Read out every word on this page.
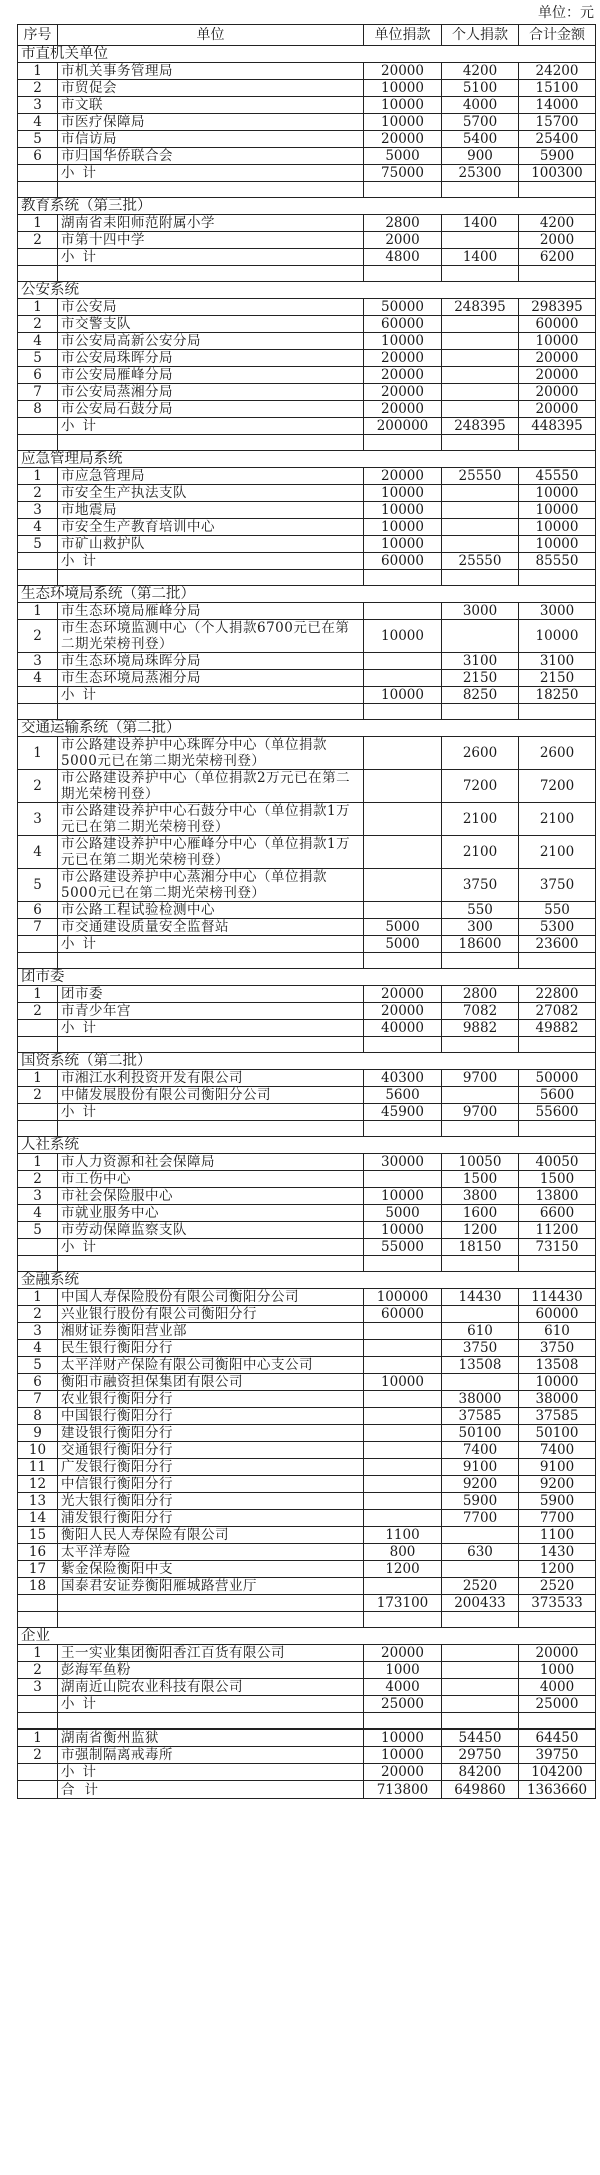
单位：元
序号	单位	单位捐款	个人捐款	合计金额
市直机关单位				
1	市机关事务管理局	20000	4200	24200
2	市贸促会	10000	5100	15100
3	市文联	10000	4000	14000
4	市医疗保障局	10000	5700	15700
5	市信访局	20000	5400	25400
6	市归国华侨联合会	5000	900	5900
	小计	75000	25300	100300

教育系统（第三批）				
1	湖南省耒阳师范附属小学	2800	1400	4200
2	市第十四中学	2000		2000
	小计	4800	1400	6200

公安系统				
1	市公安局	50000	248395	298395
2	市交警支队	60000		60000
4	市公安局高新公安分局	10000		10000
5	市公安局珠晖分局	20000		20000
6	市公安局雁峰分局	20000		20000
7	市公安局蒸湘分局	20000		20000
8	市公安局石鼓分局	20000		20000
	小计	200000	248395	448395

应急管理局系统				
1	市应急管理局	20000	25550	45550
2	市安全生产执法支队	10000		10000
3	市地震局	10000		10000
4	市安全生产教育培训中心	10000		10000
5	市矿山救护队	10000		10000
	小计	60000	25550	85550

生态环境局系统（第二批）				
1	市生态环境局雁峰分局		3000	3000
2	市生态环境监测中心（个人捐款6700元已在第二期光荣榜刊登）	10000		10000
3	市生态环境局珠晖分局		3100	3100
4	市生态环境局蒸湘分局		2150	2150
	小计	10000	8250	18250

交通运输系统（第二批）				
1	市公路建设养护中心珠晖分中心（单位捐款5000元已在第二期光荣榜刊登）		2600	2600
2	市公路建设养护中心（单位捐款2万元已在第二期光荣榜刊登）		7200	7200
3	市公路建设养护中心石鼓分中心（单位捐款1万元已在第二期光荣榜刊登）		2100	2100
4	市公路建设养护中心雁峰分中心（单位捐款1万元已在第二期光荣榜刊登）		2100	2100
5	市公路建设养护中心蒸湘分中心（单位捐款5000元已在第二期光荣榜刊登）		3750	3750
6	市公路工程试验检测中心		550	550
7	市交通建设质量安全监督站	5000	300	5300
	小计	5000	18600	23600

团市委				
1	团市委	20000	2800	22800
2	市青少年宫	20000	7082	27082
	小计	40000	9882	49882

国资系统（第二批）				
1	市湘江水利投资开发有限公司	40300	9700	50000
2	中储发展股份有限公司衡阳分公司	5600		5600
	小计	45900	9700	55600

人社系统				
1	市人力资源和社会保障局	30000	10050	40050
2	市工伤中心		1500	1500
3	市社会保险服中心	10000	3800	13800
4	市就业服务中心	5000	1600	6600
5	市劳动保障监察支队	10000	1200	11200
	小计	55000	18150	73150

金融系统				
1	中国人寿保险股份有限公司衡阳分公司	100000	14430	114430
2	兴业银行股份有限公司衡阳分行	60000		60000
3	湘财证券衡阳营业部		610	610
4	民生银行衡阳分行		3750	3750
5	太平洋财产保险有限公司衡阳中心支公司		13508	13508
6	衡阳市融资担保集团有限公司	10000		10000
7	农业银行衡阳分行		38000	38000
8	中国银行衡阳分行		37585	37585
9	建设银行衡阳分行		50100	50100
10	交通银行衡阳分行		7400	7400
11	广发银行衡阳分行		9100	9100
12	中信银行衡阳分行		9200	9200
13	光大银行衡阳分行		5900	5900
14	浦发银行衡阳分行		7700	7700
15	衡阳人民人寿保险有限公司	1100		1100
16	太平洋寿险	800	630	1430
17	紫金保险衡阳中支	1200		1200
18	国泰君安证券衡阳雁城路营业厅		2520	2520
		173100	200433	373533

企业				
1	王一实业集团衡阳香江百货有限公司	20000		20000
2	彭海军鱼粉	1000		1000
3	湖南近山院农业科技有限公司	4000		4000
	小计	25000		25000

1	湖南省衡州监狱	10000	54450	64450
2	市强制隔离戒毒所	10000	29750	39750
	小计	20000	84200	104200
	合计	713800	649860	1363660
